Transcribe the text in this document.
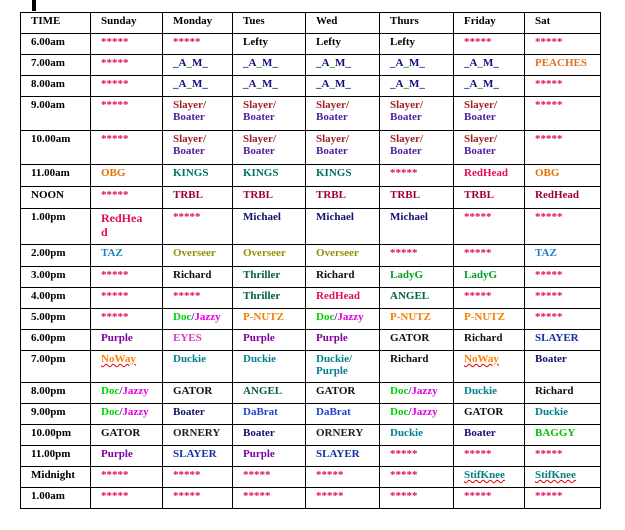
TIME	Sunday	Monday	Tues	Wed	Thurs	Friday	Sat
6.00am	*****	*****	Lefty	Lefty	Lefty	*****	*****
7.00am	*****	_A_M_	_A_M_	_A_M_	_A_M_	_A_M_	PEACHES
8.00am	*****	_A_M_	_A_M_	_A_M_	_A_M_	_A_M_	*****
9.00am	*****	Slayer/
Boater	Slayer/
Boater	Slayer/
Boater	Slayer/
Boater	Slayer/
Boater	*****
10.00am	*****	Slayer/
Boater	Slayer/
Boater	Slayer/
Boater	Slayer/
Boater	Slayer/
Boater	*****
11.00am	OBG	KINGS	KINGS	KINGS	*****	RedHead	OBG
NOON	*****	TRBL	TRBL	TRBL	TRBL	TRBL	RedHead
1.00pm	RedHea
d	*****	Michael	Michael	Michael	*****	*****
2.00pm	TAZ	Overseer	Overseer	Overseer	*****	*****	TAZ
3.00pm	*****	Richard	Thriller	Richard	LadyG	LadyG	*****
4.00pm	*****	*****	Thriller	RedHead	ANGEL	*****	*****
5.00pm	*****	Doc/Jazzy	P-NUTZ	Doc/Jazzy	P-NUTZ	P-NUTZ	*****
6.00pm	Purple	EYES	Purple	Purple	GATOR	Richard	SLAYER
7.00pm	NoWay	Duckie	Duckie	Duckie/
Purple	Richard	NoWay	Boater
8.00pm	Doc/Jazzy	GATOR	ANGEL	GATOR	Doc/Jazzy	Duckie	Richard
9.00pm	Doc/Jazzy	Boater	DaBrat	DaBrat	Doc/Jazzy	GATOR	Duckie
10.00pm	GATOR	ORNERY	Boater	ORNERY	Duckie	Boater	BAGGY
11.00pm	Purple	SLAYER	Purple	SLAYER	*****	*****	*****
Midnight	*****	*****	*****	*****	*****	StifKnee	StifKnee
1.00am	*****	*****	*****	*****	*****	*****	*****
